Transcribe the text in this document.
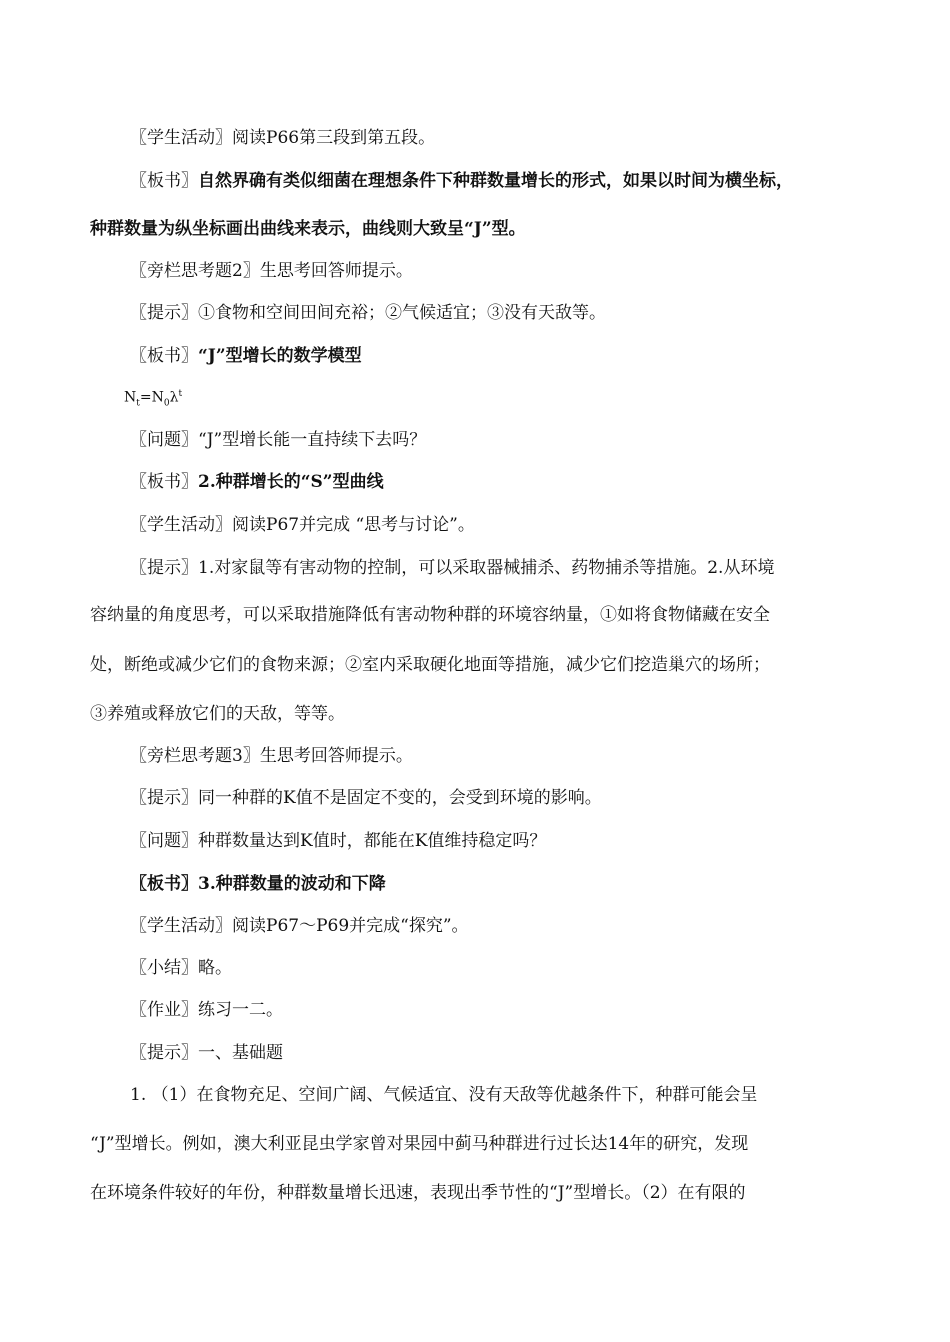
〖学生活动〗阅读P66第三段到第五段。
〖板书〗自然界确有类似细菌在理想条件下种群数量增长的形式，如果以时间为横坐标，
种群数量为纵坐标画出曲线来表示，曲线则大致呈“J”型。
〖旁栏思考题2〗生思考回答师提示。
〖提示〗①食物和空间田间充裕；②气候适宜；③没有天敌等。
〖板书〗“J”型增长的数学模型
$N_t=N_0\lambda^t$
〖问题〗“J”型增长能一直持续下去吗？
〖板书〗2.种群增长的“S”型曲线
〖学生活动〗阅读P67并完成 “思考与讨论”。
〖提示〗1.对家鼠等有害动物的控制，可以采取器械捕杀、药物捕杀等措施。2.从环境
容纳量的角度思考，可以采取措施降低有害动物种群的环境容纳量，①如将食物储藏在安全
处，断绝或减少它们的食物来源；②室内采取硬化地面等措施，减少它们挖造巢穴的场所；
③养殖或释放它们的天敌，等等。
〖旁栏思考题3〗生思考回答师提示。
〖提示〗同一种群的K值不是固定不变的，会受到环境的影响。
〖问题〗种群数量达到K值时，都能在K值维持稳定吗？
〖板书〗3.种群数量的波动和下降
〖学生活动〗阅读P67～P69并完成“探究”。
〖小结〗略。
〖作业〗练习一二。
〖提示〗一、基础题
1. （1）在食物充足、空间广阔、气候适宜、没有天敌等优越条件下，种群可能会呈
“J”型增长。例如，澳大利亚昆虫学家曾对果园中蓟马种群进行过长达14年的研究，发现
在环境条件较好的年份，种群数量增长迅速，表现出季节性的“J”型增长。（2）在有限的
